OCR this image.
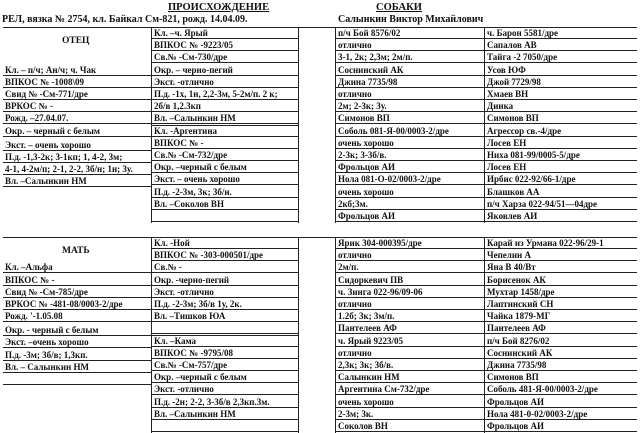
ПРОИСХОЖДЕНИЕ	СОБАКИ
РЕЛ, вязка № 2754, кл. Байкал См-821, рожд. 14.04.09.	Салынкин Виктор Михайлович
ОТЕЦ
Кл. – п/ч; Ан/ч; ч. Чак
ВПКОС № -1008\09
Свид № -См-771/дре
ВРКОС № -
Рожд. –27.04.07.
Окр. – черный с белым
Экст. – очень хорошо
П.д. -1,3-2к; 3-1кп; 1, 4-2, 3м;
4-1, 4-2м/п; 2-1, 2-2, 3б/н; 1н; 3у.
Вл. –Салынкин НМ
Кл. –ч. Ярый
ВПКОС № -9223/05
Св.№ -См-730/дре
Окр. – черно-пегий
Экст. -отлично
П.д. -1х, 1н, 2,2-3м, 5-2м/п. 2 к;
2б/в 1,2.3кп
Вл. –Салынкин НМ
Кл. -Аргентина
ВПКОС № -
Св.№ -См-732/дре
Окр. –черный с белым
Экст. – очень хорошо
П.д. -2-3м, 3к; 3б/н.
Вл. –Соколов ВН
п/ч Бой 8576/02
отлично
3-1, 2к; 2,3м; 2м/п.
Соснинский АК
Джина 7735/98
отлично
2м; 2-3к; 3у.
Симонов ВП
Соболь 081-Я-00/0003-2/дре
очень хорошо
2-3к; 3-3б/в.
Фрольцов АИ
Нола 081-О-02/0003-2/дре
очень хорошо
2кб;3м.
Фрольцов АИ
ч. Барон 5581/дре
Сапалов АВ
Тайга -2 7050/дре
Усов ЮФ
Джой 7729/98
Хмаев ВН
Динка
Симонов ВП
Агрессор св.-4/дре
Лосев ЕН
Ниха 081-99/0005-5/дре
Лосев ЕН
Ирбис 022-92/66-1/дре
Блашков АА
п/ч Харза 022-94/51—04дре
Яковлев АИ
МАТЬ
Кл. –Альфа
ВПКОС № -
Свид № -См-785/дре
ВРКОС № -481-08/0003-2/дре
Рожд. '-1.05.08
Окр. - черный с белым
Экст. –очень хорошо
П.д. -3м; 3б/в; 1,3кп.
Вл. – Салынкин НМ
Кл. -Ной
ВПКОС № -303-000501/дре
Св.№ -
Окр. -черно-пегий
Экст. -отлично
П.д. -2-3м; 3б/в 1у, 2к.
Вл. –Тишков ЮА
Кл. –Кама
ВПКОС № -9795/08
Св.№ -См-757/дре
Окр. –черный с белым
Экст. -отлично
П.д. -2н; 2-2, 3-3б/в 2,3кп.3м.
Вл. –Салынкин НМ
Ярик 304-000395/дре
отлично
2м/п.
Сидоркевич ПВ
ч. Зинга 022-96/09-06
отлично
1.2б; 3к; 3м/п.
Пантелеев АФ
ч. Ярый 9223/05
отлично
2,3к; 3к; 3б/в.
Салынкин НМ
Аргентина См-732/дре
очень хорошо
2-3м; 3к.
Соколов ВН
Карай из Урмана 022-96/29-1
Чепелин А
Яна В 40/Вт
Борисенок АК
Мухтар 1458/дре
Лаптинский СН
Чайка 1879-МГ
Пантелеев АФ
п/ч Бой 8276/02
Соснинский АК
Джина 7735/98
Симонов ВП
Соболь 481-Я-00/0003-2/дре
Фрольцов АИ
Нола 481-0-02/0003-2/дре
Фрольцов АИ
